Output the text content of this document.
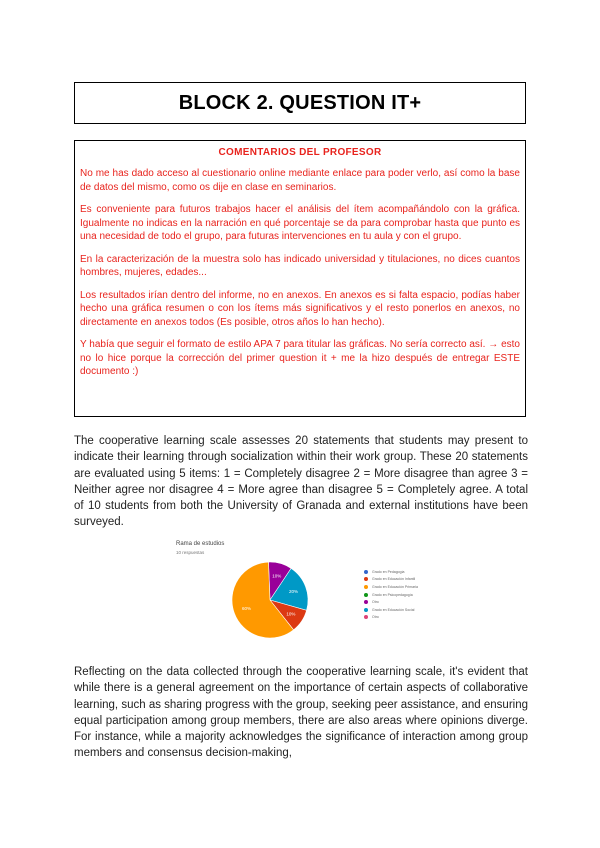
BLOCK 2. QUESTION IT+
COMENTARIOS DEL PROFESOR

No me has dado acceso al cuestionario online mediante enlace para poder verlo, así como la base de datos del mismo, como os dije en clase en seminarios.

Es conveniente para futuros trabajos hacer el análisis del ítem acompañándolo con la gráfica. Igualmente no indicas en la narración en qué porcentaje se da para comprobar hasta que punto es una necesidad de todo el grupo, para futuras intervenciones en tu aula y con el grupo.

En la caracterización de la muestra solo has indicado universidad y titulaciones, no dices cuantos hombres, mujeres, edades...

Los resultados irían dentro del informe, no en anexos. En anexos es si falta espacio, podías haber hecho una gráfica resumen o con los ítems más significativos y el resto ponerlos en anexos, no directamente en anexos todos (Es posible, otros años lo han hecho).

Y había que seguir el formato de estilo APA 7 para titular las gráficas. No sería correcto así. → esto no lo hice porque la corrección del primer question it + me la hizo después de entregar ESTE documento :)

The cooperative learning scale assesses 20 statements that students may present to indicate their learning through socialization within their work group. These 20 statements are evaluated using 5 items: 1 = Completely disagree 2 = More disagree than agree 3 = Neither agree nor disagree 4 = More agree than disagree 5 = Completely agree. A total of 10 students from both the University of Granada and external institutions have been surveyed.

Rama de estudios
10 respuestas
10%
20%
10%
60%
Grado en Pedagogía
Grado en Educación Infantil
Grado en Educación Primaria
Grado en Psicopedagogía
Otro
Grado en Educación Social
Otro

Reflecting on the data collected through the cooperative learning scale, it's evident that while there is a general agreement on the importance of certain aspects of collaborative learning, such as sharing progress with the group, seeking peer assistance, and ensuring equal participation among group members, there are also areas where opinions diverge. For instance, while a majority acknowledges the significance of interaction among group members and consensus decision-making,
